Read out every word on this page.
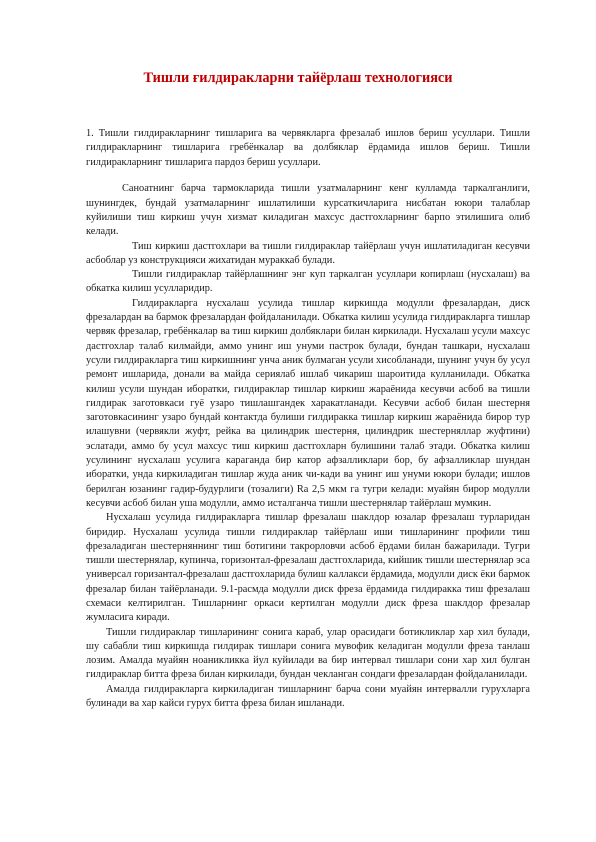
Тишли ғилдиракларни тайёрлаш технологияси

1. Тишли гилдиракларнинг тишларига ва червякларга фрезалаб ишлов бериш усуллари. Тишли гилдиракларнинг тишларига гребёнкалар ва долбяклар ёрдамида ишлов бериш. Тишли гилдиракларнинг тишларига пардоз бериш усуллари.

Саноатнинг барча тармокларида тишли узатмаларнинг кенг кулламда таркалганлиги, шунингдек, бундай узатмаларнинг ишлатилиши курсаткичларига нисбатан юкори талаблар куйилиши тиш киркиш учун хизмат киладиган махсус дастгохларнинг барпо этилишига олиб келади.

Тиш киркиш дастгохлари ва тишли гилдираклар тайёрлаш учун ишлатиладиган кесувчи асбоблар уз конструкцияси жихатидан мураккаб булади.

Тишли гилдираклар тайёрлашнинг энг куп таркалган усуллари копирлаш (нусхалаш) ва обкатка килиш усулларидир.

Гилдиракларга нусхалаш усулида тишлар киркишда модулли фрезалардан, диск фрезалардан ва бармок фрезалардан фойдаланилади. Обкатка килиш усулида гилдиракларга тишлар червяк фрезалар, гребёнкалар ва тиш киркиш долбяклари билан киркилади. Нусхалаш усули махсус дастгохлар талаб килмайди, аммо унинг иш унуми пастрок булади, бундан ташкари, нусхалаш усули гилдиракларга тиш киркишнинг унча аник булмаган усули хисобланади, шунинг учун бу усул ремонт ишларида, донали ва майда сериялаб ишлаб чикариш шароитида кулланилади. Обкатка килиш усули шундан иборатки, гилдираклар тишлар киркиш жараёнида кесувчи асбоб ва тишли гилдирак заготовкаси гуё узаро тишлашгандек харакатланади. Кесувчи асбоб билан шестерня заготовкасининг узаро бундай контактда булиши гилдиракка тишлар киркиш жараёнида бирор тур илашувни (червякли жуфт, рейка ва цилиндрик шестерня, цилиндрик шестерняллар жуфтини) эслатади, аммо бу усул махсус тиш киркиш дастгохларн булишини талаб этади. Обкатка килиш усулининг нусхалаш усулига караганда бир катор афзалликлари бор, бу афзалликлар шундан иборатки, унда киркиладиган тишлар жуда аник чи-кади ва унинг иш унуми юкори булади; ишлов берилган юзанинг гадир-будурлиги (тозалиги) Ra 2,5 мкм га тугри келади: муайян бирор модулли кесувчи асбоб билан уша модулли, аммо исталганча тишли шестернялар тайёрлаш мумкин.

Нусхалаш усулида гилдиракларга тишлар фрезалаш шаклдор юзалар фрезалаш турларидан биридир. Нусхалаш усулида тишли гилдираклар тайёрлаш иши тишларининг профили тиш фрезаладиган шестерняннинг тиш ботигини такрорловчи асбоб ёрдами билан бажарилади. Тугри тишли шестернялар, купинча, горизонтал-фрезалаш дастгохларида, кийшик тишли шестернялар эса универсал горизантал-фрезалаш дастгохларида булиш каллакси ёрдамида, модулли диск ёки бармок фрезалар билан тайёрланади. 9.1-расмда модулли диск фреза ёрдамида гилдиракка тиш фрезалаш схемаси келтирилган. Тишларнинг оркаси кертилган модулли диск фреза шаклдор фрезалар жумласига киради.

Тишли гилдираклар тишларининг сонига караб, улар орасидаги ботикликлар хар хил булади, шу сабабли тиш киркишда гилдирак тишлари сонига мувофик келадиган модулли фреза танлаш лозим. Амалда муайян ноаникликка йул куйилади ва бир интервал тишлари сони хар хил булган гилдираклар битта фреза билан киркилади, бундан чекланган сондаги фрезалардан фойдаланилади.

Амалда гилдиракларга киркиладиган тишларнинг барча сони муайян интервалли гурухларга булинади ва хар кайси гурух битта фреза билан ишланади.
